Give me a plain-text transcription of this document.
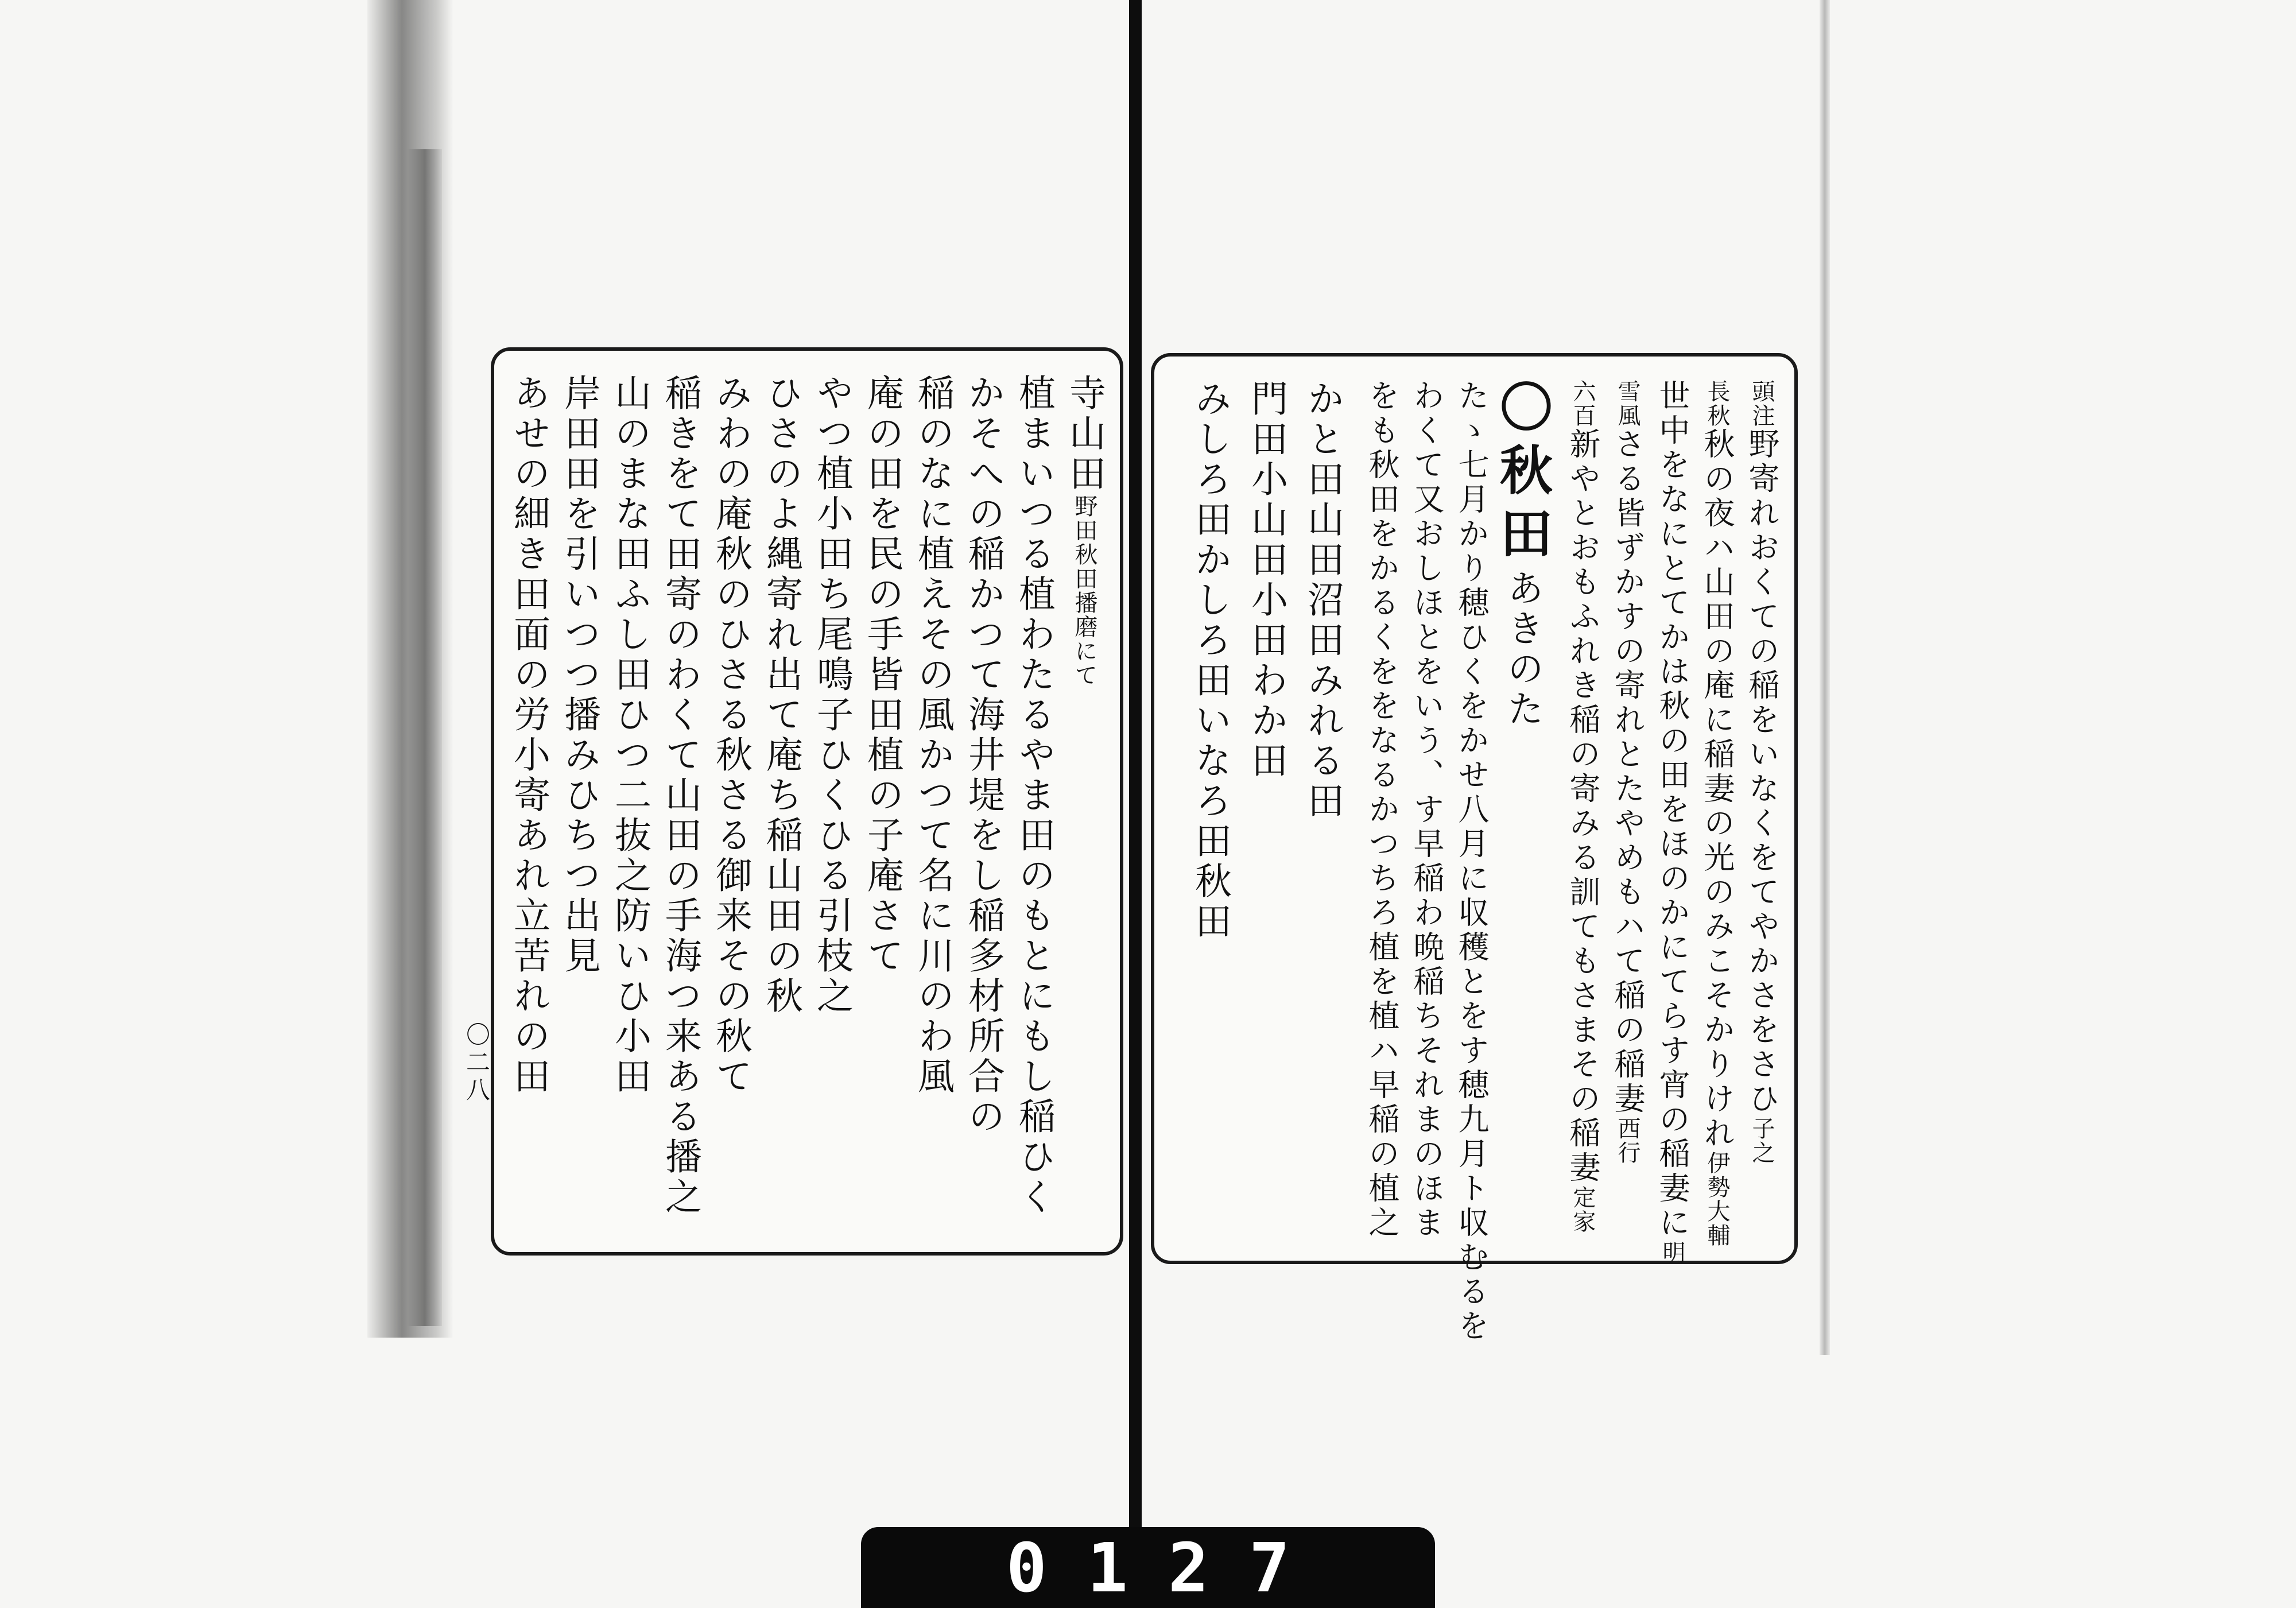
寺山田野田秋田播磨にて
植まいつる植わたるやま田のもとにもし稲ひく
かそへの稲かつて海井堤をし稲多材所合の
稲のなに植えその風かつて名に川のわ風
庵の田を民の手皆田植の子庵さて
やつ植小田ち尾鳴子ひくひる引枝之
ひさのよ縄寄れ出て庵ち稲山田の秋
みわの庵秋のひさる秋さる御来その秋て
稲きをて田寄のわくて山田の手海つ来ある播之
山のまな田ふし田ひつ二抜之防いひ小田
岸田田を引いつつ播みひちつ出見
あせの細き田面の労小寄あれ立苦れの田
〇二八
頭注野寄れおくての稲をいなくをてやかさをさひ子之
長秋秋の夜ハ山田の庵に稲妻の光のみこそかりけれ伊勢大輔
世中をなにとてかは秋の田をほのかにてらす宵の稲妻に明
雪風さる皆ずかすの寄れとたやめもハて稲の稲妻西行
六百新やとおもふれき稲の寄みる訓てもさまその稲妻定家
〇秋田あきのた
たゝ七月かり穂ひくをかせ八月に収穫とをす穂九月ト収むるを
わくて又おしほとをいう、す早稲わ晩稲ちそれまのほま
をも秋田をかるくををなるかつちろ植を植ハ早稲の植之
かと田山田沼田みれる田
門田小山田小田わか田
みしろ田かしろ田いなろ田秋田
0127
